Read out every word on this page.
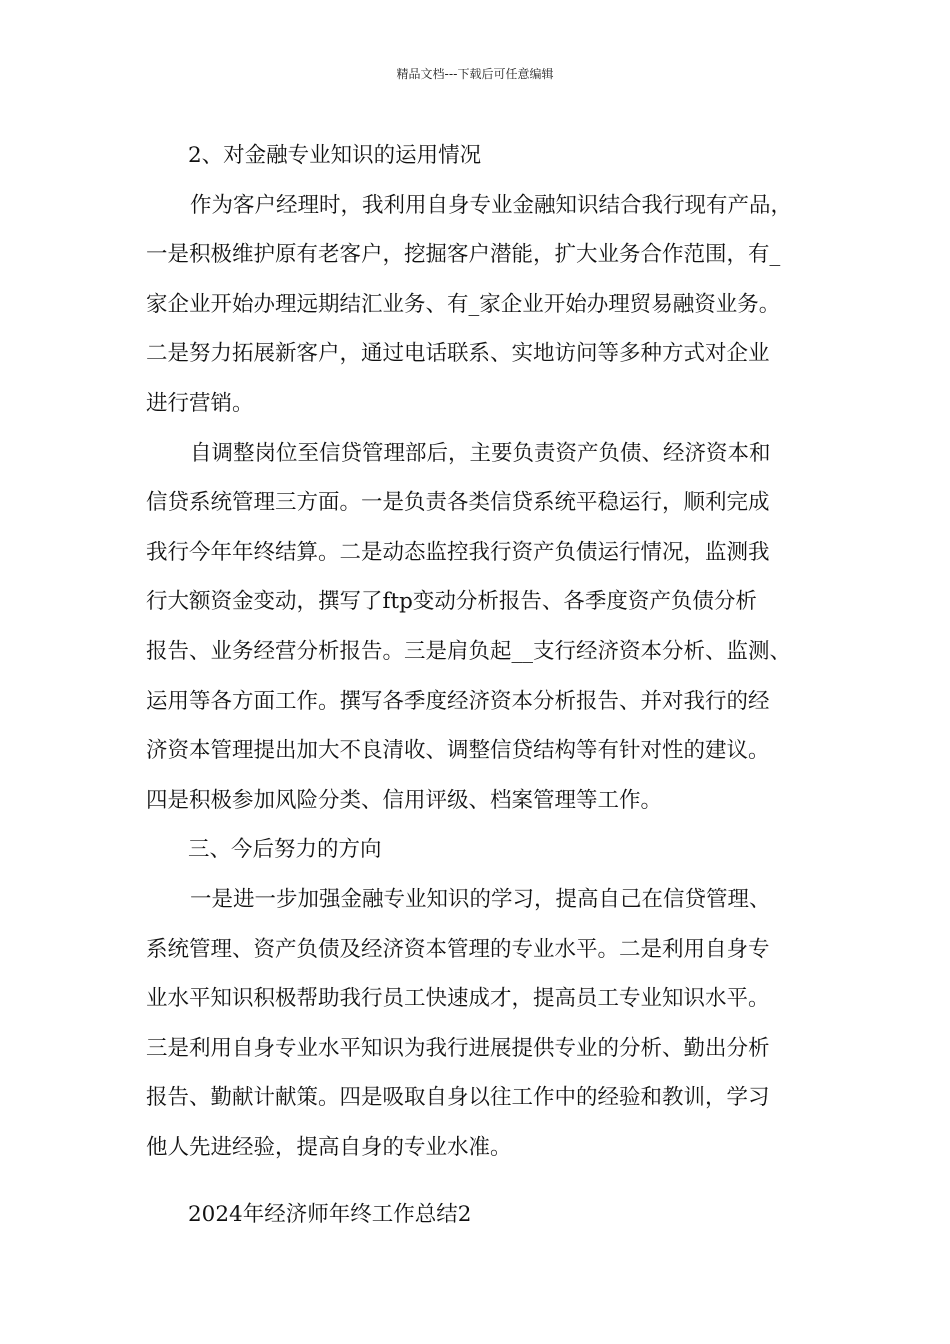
精品文档---下载后可任意编辑
2、对金融专业知识的运用情况
作为客户经理时，我利用自身专业金融知识结合我行现有产品，
一是积极维护原有老客户，挖掘客户潜能，扩大业务合作范围，有_
家企业开始办理远期结汇业务、有_家企业开始办理贸易融资业务。
二是努力拓展新客户，通过电话联系、实地访问等多种方式对企业
进行营销。
自调整岗位至信贷管理部后，主要负责资产负债、经济资本和
信贷系统管理三方面。一是负责各类信贷系统平稳运行，顺利完成
我行今年年终结算。二是动态监控我行资产负债运行情况，监测我
行大额资金变动，撰写了ftp变动分析报告、各季度资产负债分析
报告、业务经营分析报告。三是肩负起__支行经济资本分析、监测、
运用等各方面工作。撰写各季度经济资本分析报告、并对我行的经
济资本管理提出加大不良清收、调整信贷结构等有针对性的建议。
四是积极参加风险分类、信用评级、档案管理等工作。
三、今后努力的方向
一是进一步加强金融专业知识的学习，提高自己在信贷管理、
系统管理、资产负债及经济资本管理的专业水平。二是利用自身专
业水平知识积极帮助我行员工快速成才，提高员工专业知识水平。
三是利用自身专业水平知识为我行进展提供专业的分析、勤出分析
报告、勤献计献策。四是吸取自身以往工作中的经验和教训，学习
他人先进经验，提高自身的专业水准。
2024年经济师年终工作总结2
